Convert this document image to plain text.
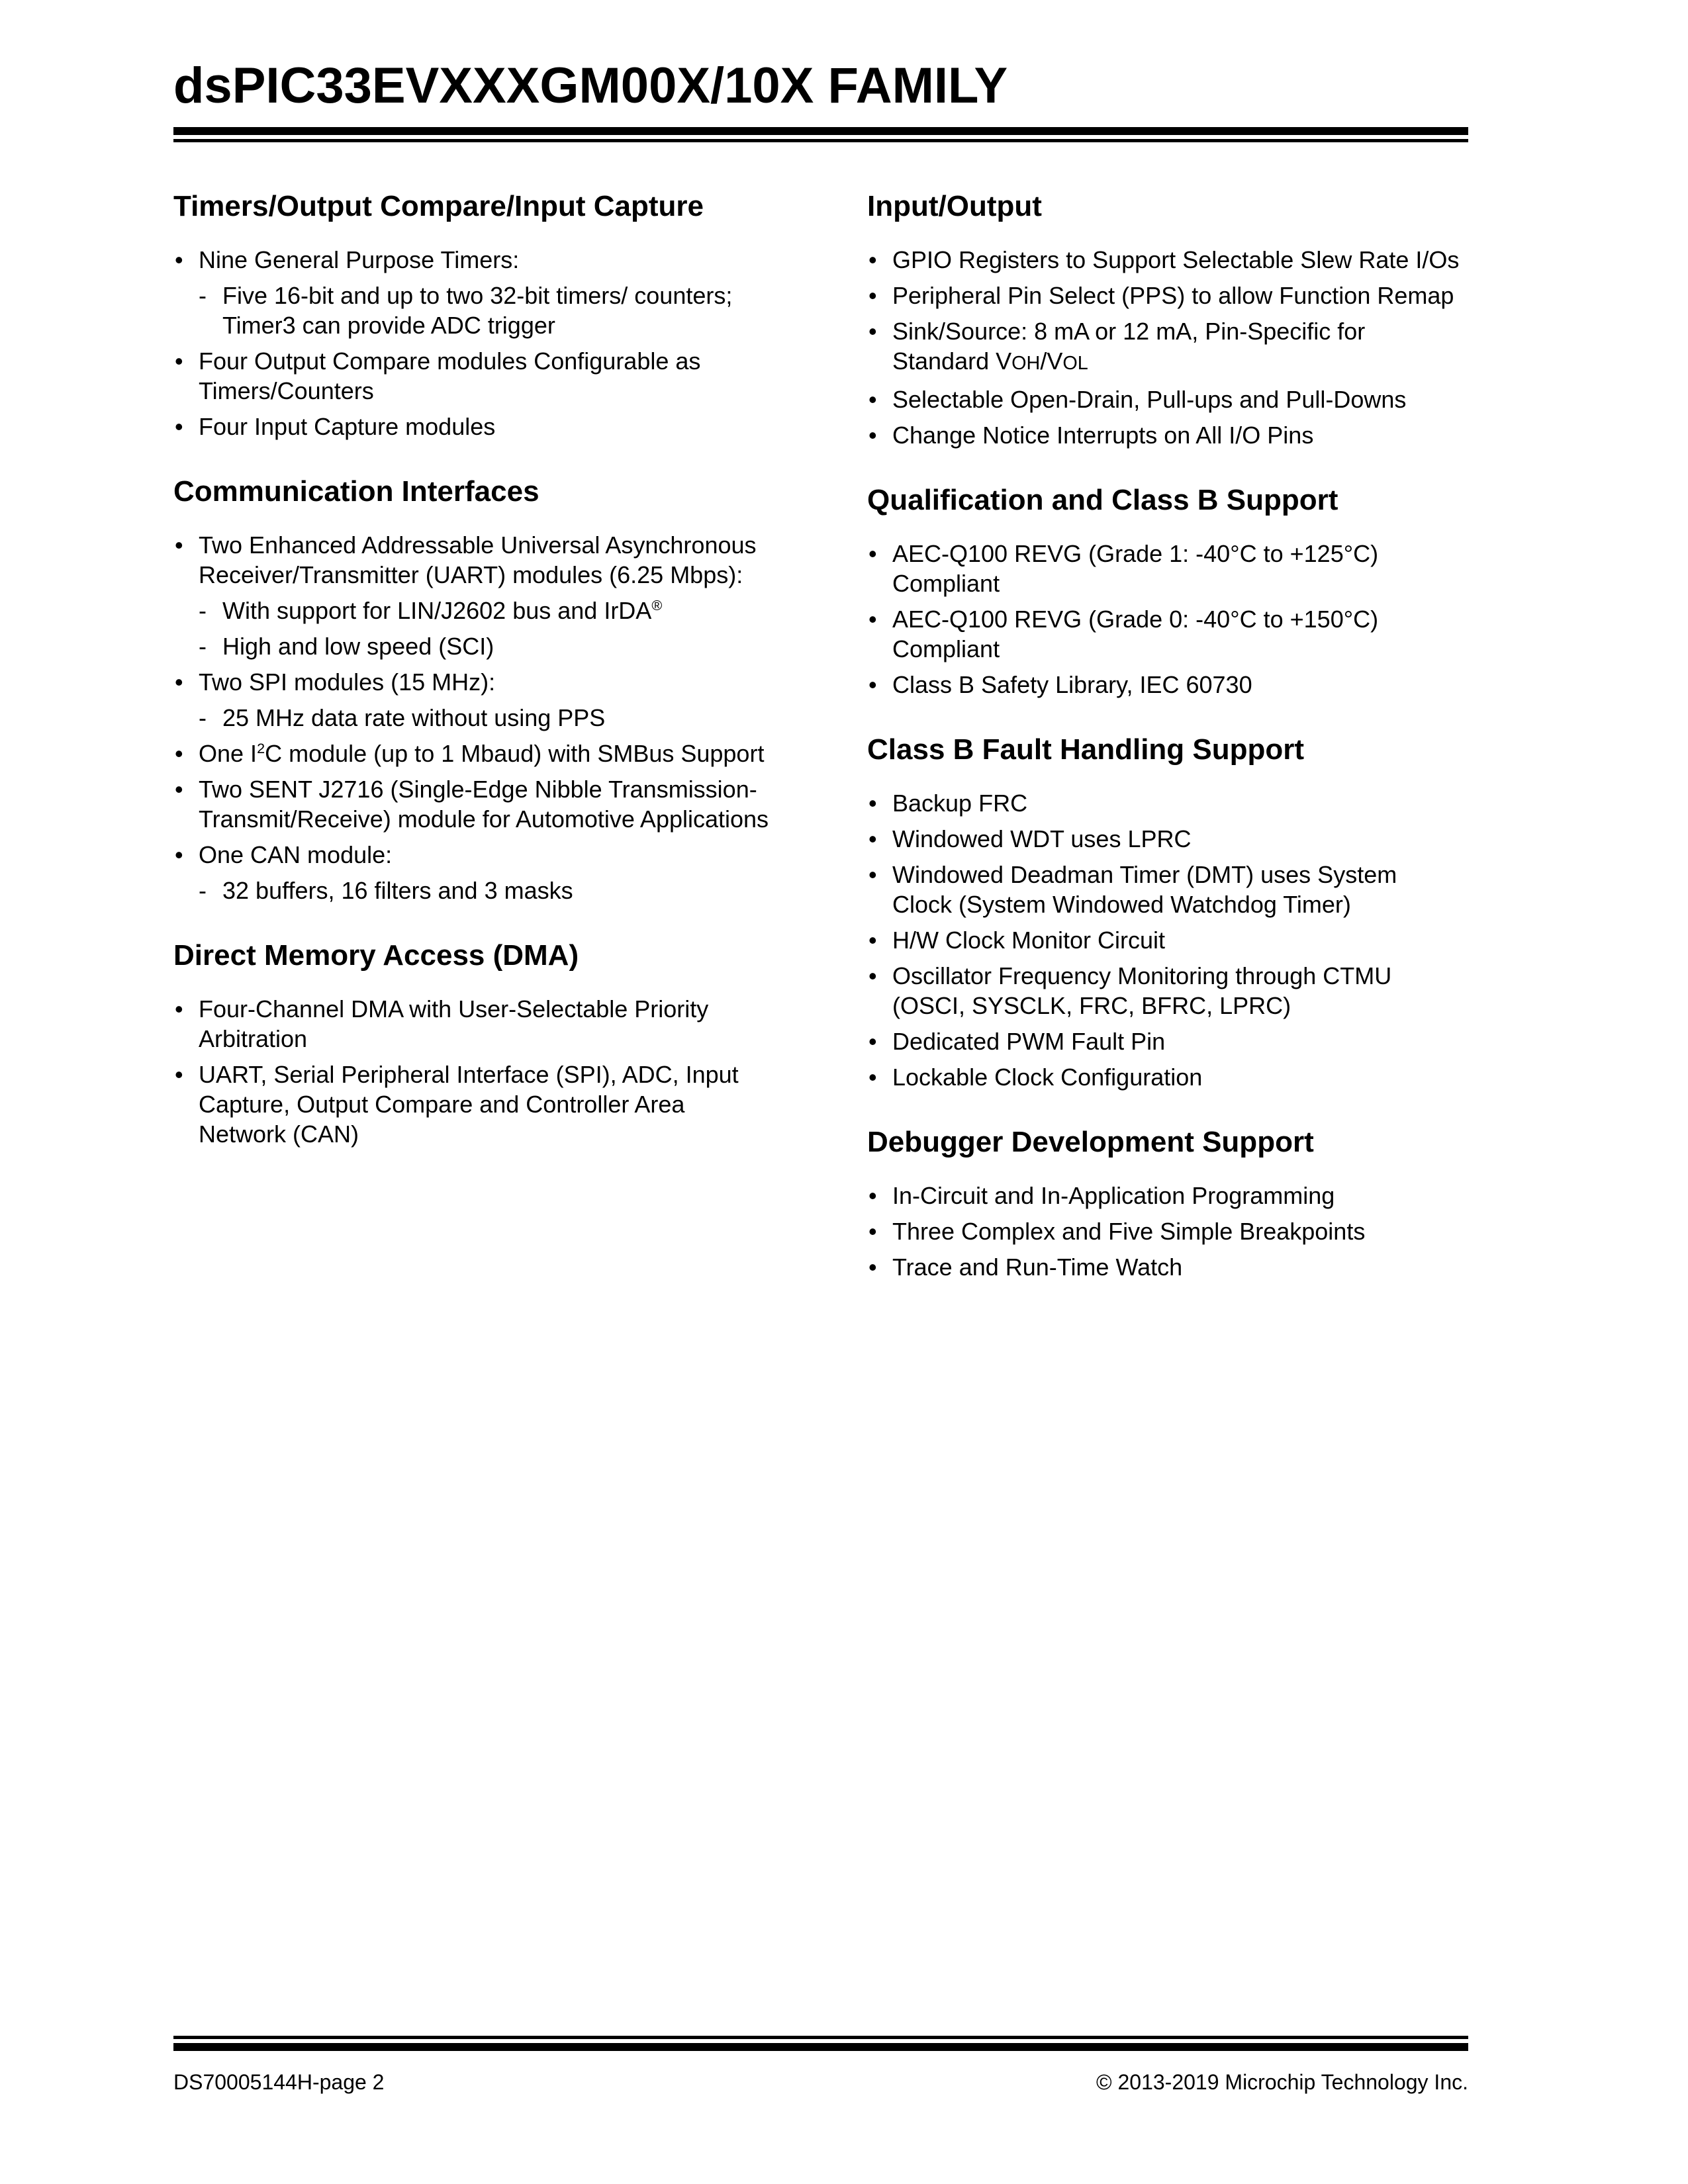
dsPIC33EVXXXGM00X/10X FAMILY
Timers/Output Compare/Input Capture
• Nine General Purpose Timers:
- Five 16-bit and up to two 32-bit timers/ counters; Timer3 can provide ADC trigger
• Four Output Compare modules Configurable as Timers/Counters
• Four Input Capture modules
Communication Interfaces
• Two Enhanced Addressable Universal Asynchronous Receiver/Transmitter (UART) modules (6.25 Mbps):
- With support for LIN/J2602 bus and IrDA®
- High and low speed (SCI)
• Two SPI modules (15 MHz):
- 25 MHz data rate without using PPS
• One $I^2C$ module (up to 1 Mbaud) with SMBus Support
• Two SENT J2716 (Single-Edge Nibble Transmission-Transmit/Receive) module for Automotive Applications
• One CAN module:
- 32 buffers, 16 filters and 3 masks
Direct Memory Access (DMA)
• Four-Channel DMA with User-Selectable Priority Arbitration
• UART, Serial Peripheral Interface (SPI), ADC, Input Capture, Output Compare and Controller Area Network (CAN)
Input/Output
• GPIO Registers to Support Selectable Slew Rate I/Os
• Peripheral Pin Select (PPS) to allow Function Remap
• Sink/Source: 8 mA or 12 mA, Pin-Specific for Standard VOH/VOL
• Selectable Open-Drain, Pull-ups and Pull-Downs
• Change Notice Interrupts on All I/O Pins
Qualification and Class B Support
• AEC-Q100 REVG (Grade 1: -40°C to +125°C) Compliant
• AEC-Q100 REVG (Grade 0: -40°C to +150°C) Compliant
• Class B Safety Library, IEC 60730
Class B Fault Handling Support
• Backup FRC
• Windowed WDT uses LPRC
• Windowed Deadman Timer (DMT) uses System Clock (System Windowed Watchdog Timer)
• H/W Clock Monitor Circuit
• Oscillator Frequency Monitoring through CTMU (OSCI, SYSCLK, FRC, BFRC, LPRC)
• Dedicated PWM Fault Pin
• Lockable Clock Configuration
Debugger Development Support
• In-Circuit and In-Application Programming
• Three Complex and Five Simple Breakpoints
• Trace and Run-Time Watch
DS70005144H-page 2	© 2013-2019 Microchip Technology Inc.
